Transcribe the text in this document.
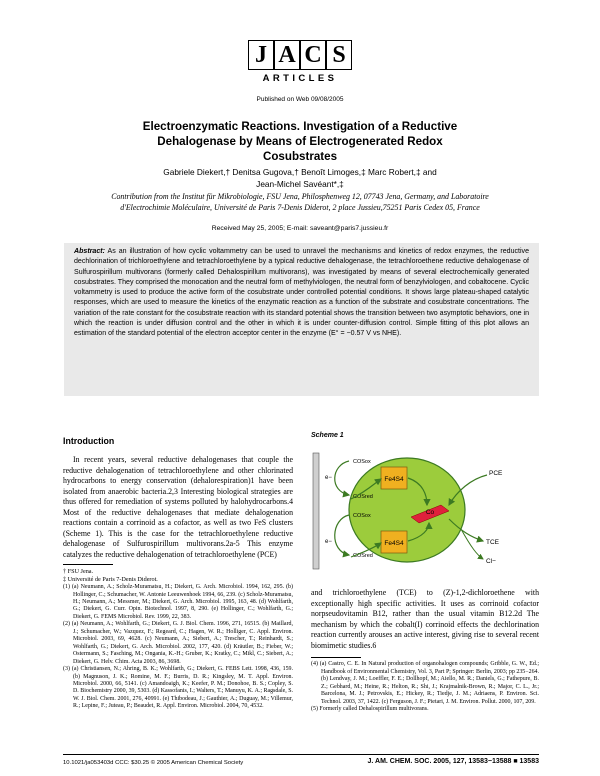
J A C S
ARTICLES
Published on Web 09/08/2005
Electroenzymatic Reactions. Investigation of a Reductive Dehalogenase by Means of Electrogenerated Redox Cosubstrates
Gabriele Diekert,† Denitsa Gugova,† Benoît Limoges,‡ Marc Robert,‡ and
Jean-Michel Savéant*,‡
Contribution from the Institut für Mikrobiologie, FSU Jena, Philosphenweg 12, 07743 Jena, Germany, and Laboratoire d'Electrochimie Moléculaire, Université de Paris 7-Denis Diderot, 2 place Jussieu,75251 Paris Cedex 05, France
Received May 25, 2005; E-mail: saveant@paris7.jussieu.fr
Abstract: As an illustration of how cyclic voltammetry can be used to unravel the mechanisms and kinetics of redox enzymes, the reductive dechlorination of trichloroethylene and tetrachloroethylene by a typical reductive dehalogenase, the tetrachloroethene reductive dehalogenase of Sulfurospirillum multivorans (formerly called Dehalospirillum multivorans), was investigated by means of several electrochemically generated cosubstrates. They comprised the monocation and the neutral form of methylviologen, the neutral form of benzylviologen, and cobaltocene. Cyclic voltammetry is used to produce the active form of the cosubstrate under controlled potential conditions. It shows large plateau-shaped catalytic responses, which are used to measure the kinetics of the enzymatic reaction as a function of the substrate and cosubstrate concentrations. The variation of the rate constant for the cosubstrate reaction with its standard potential shows the transition between two asymptotic behaviors, one in which the reaction is under diffusion control and the other in which it is under counter-diffusion control. Simple fitting of this plot allows an estimation of the standard potential of the electron acceptor center in the enzyme (E° = −0.57 V vs NHE).
Introduction
In recent years, several reductive dehalogenases that couple the reductive dehalogenation of tetrachloroethylene and other chlorinated hydrocarbons to energy conservation (dehalorespiration)1 have been isolated from anaerobic bacteria.2,3 Interesting biological strategies are thus offered for remediation of systems polluted by halohydrocarbons.4 Most of the reductive dehalogenases that mediate dehalogenation reactions contain a corrinoid as a cofactor, as well as two FeS clusters (Scheme 1). This is the case for the tetrachloroethylene reductive dehalogenase of Sulfurospirillum multivorans.2a-5 This enzyme catalyzes the reductive dehalogenation of tetrachloroethylene (PCE)
† FSU Jena.
‡ Université de Paris 7-Denis Diderot.

(1) (a) Neumann, A.; Scholz-Muramatsu, H.; Diekert, G. Arch. Microbiol. 1994, 162, 295. (b) Hollinger, C.; Schumacher, W. Antonie Leeuwenhoek 1994, 66, 239. (c) Scholz-Muramatsu, H.; Neumann, A.; Messmer, M.; Diekert, G. Arch. Microbiol. 1995, 163, 48. (d) Wohlfarth, G.; Diekert, G. Curr. Opin. Biotechnol. 1997, 8, 290. (e) Hollinger, C.; Wohlfarth, G.; Diekert, G. FEMS Microbiol. Rev. 1999, 22, 383.

(2) (a) Neumann, A.; Wohlfarth, G.; Diekert, G. J. Biol. Chem. 1996, 271, 16515. (b) Maillard, J.; Schumacher, W.; Vazquez, F.; Regeard, C.; Hagen, W. R.; Holliger, C. Appl. Environ. Microbiol. 2003, 69, 4628. (c) Neumann, A.; Siebert, A.; Trescher, T.; Reinhardt, S.; Wohlfarth, G.; Diekert, G. Arch. Microbiol. 2002, 177, 420. (d) Kräutler, B.; Fieber, W.; Ostermann, S.; Fasching, M.; Ongania, K.-H.; Gruber, K.; Kratky, C.; Mikl, C.; Siebert, A.; Diekert, G. Helv. Chim. Acta 2003, 86, 3698.

(3) (a) Christiansen, N.; Ahring, B. K.; Wohlfarth, G.; Diekert, G. FEBS Lett. 1998, 436, 159. (b) Magnuson, J. K.; Romine, M. F.; Burris, D. R.; Kingsley, M. T. Appl. Environ. Microbiol. 2000, 66, 5141. (c) Amandoaigh, K.; Keefer, P. M.; Donohoe, B. S.; Copley, S. D. Biochemistry 2000, 39, 5303. (d) Kassofanis, I.; Walters, T.; Manuyu, K. A.; Ragsdale, S. W. J. Biol. Chem. 2001, 276, 40991. (e) Thibodeau, J.; Gauthier, A.; Duguay, M.; Villemur, R.; Lepine, F.; Juteau, P.; Beaudet, R. Appl. Environ. Microbiol. 2004, 70, 4532.

Scheme 1
Fe4S4
Fe4S4
Co
COSox
COSred
COSox
COSred
e−
e−
PCE
TCE
Cl−
and trichloroethylene (TCE) to (Z)-1,2-dichloroethene with exceptionally high specific activities. It uses as corrinoid cofactor norpseudovitamin B12, rather than the usual vitamin B12.2d The mechanism by which the cobalt(I) corrinoid effects the dechlorination reaction currently arouses an active interest, giving rise to several recent biomimetic studies.6

(4) (a) Castro, C. E. In Natural production of organohalogen compounds; Gribble, G. W., Ed.; Handbook of Environmental Chemistry, Vol. 3, Part P; Springer: Berlin, 2003; pp 235−264. (b) Lendvay, J. M.; Loeffler, F. E.; Dollhopf, M.; Aiello, M. R.; Daniels, G.; Fathepure, B. Z.; Gebhard, M.; Heine, R.; Helton, R.; Shi, J.; Krajmalnik-Brown, R.; Major, C. L., Jr.; Barcelona, M. J.; Petrovskis, E.; Hickey, R.; Tiedje, J. M.; Adriaens, P. Environ. Sci. Technol. 2003, 37, 1422. (c) Ferguson, J. F.; Pietari, J. M. Environ. Pollut. 2000, 107, 209.

(5) Formerly called Dehalospirillum multivorans.

10.1021/ja053403d CCC: $30.25 © 2005 American Chemical Society	J. AM. CHEM. SOC. 2005, 127, 13583−13588 ■ 13583
